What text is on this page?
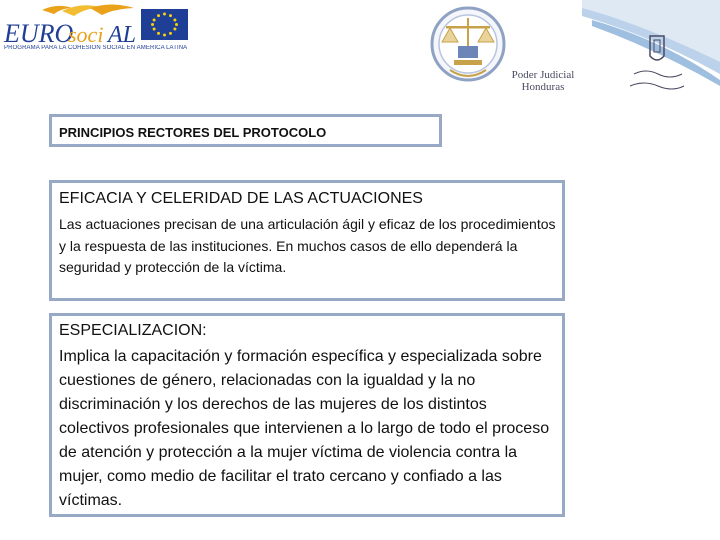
EURO
soci AL
PROGRAMA PARA LA COHESIÓN SOCIAL EN AMÉRICA LATINA
Poder Judicial
Honduras
PRINCIPIOS RECTORES DEL PROTOCOLO
EFICACIA Y CELERIDAD DE LAS ACTUACIONES
Las actuaciones precisan de una articulación ágil y eficaz de los procedimientos y la respuesta de las instituciones. En muchos casos de ello dependerá la seguridad y protección de la víctima.
ESPECIALIZACION:
Implica la capacitación y formación específica y especializada sobre cuestiones de género, relacionadas con la igualdad y la no discriminación y los derechos de las mujeres de los distintos colectivos profesionales que intervienen a lo largo de todo el proceso de atención y protección a la mujer víctima de violencia contra la mujer, como medio de facilitar el trato cercano y confiado a las víctimas.
